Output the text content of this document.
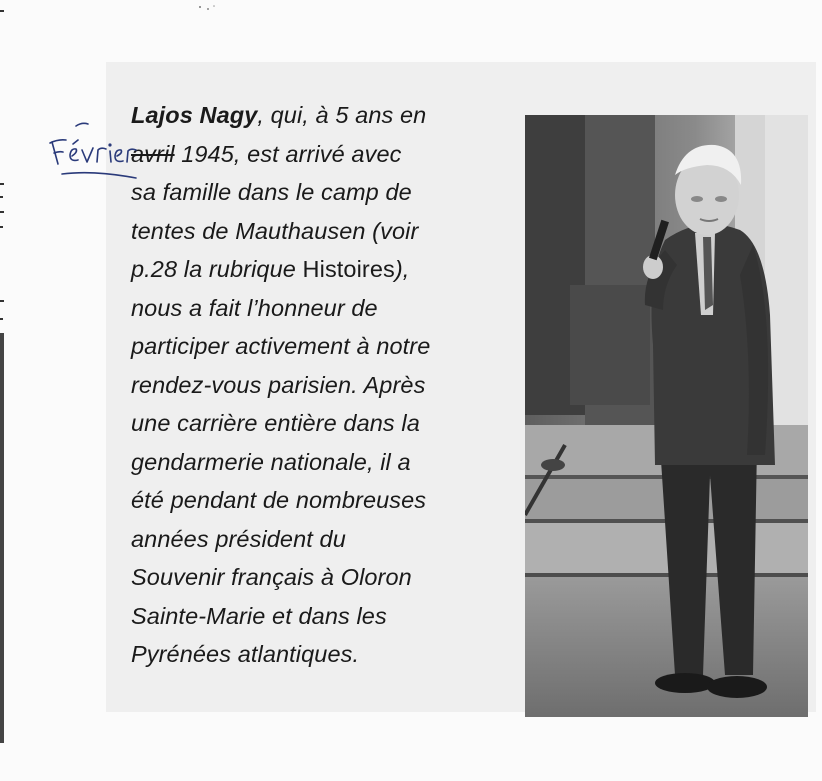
Lajos Nagy, qui, à 5 ans en
avril 1945, est arrivé avec
sa famille dans le camp de
tentes de Mauthausen (voir
p.28 la rubrique Histoires),
nous a fait l’honneur de
participer activement à notre
rendez-vous parisien. Après
une carrière entière dans la
gendarmerie nationale, il a
été pendant de nombreuses
années président du
Souvenir français à Oloron
Sainte-Marie et dans les
Pyrénées atlantiques.
